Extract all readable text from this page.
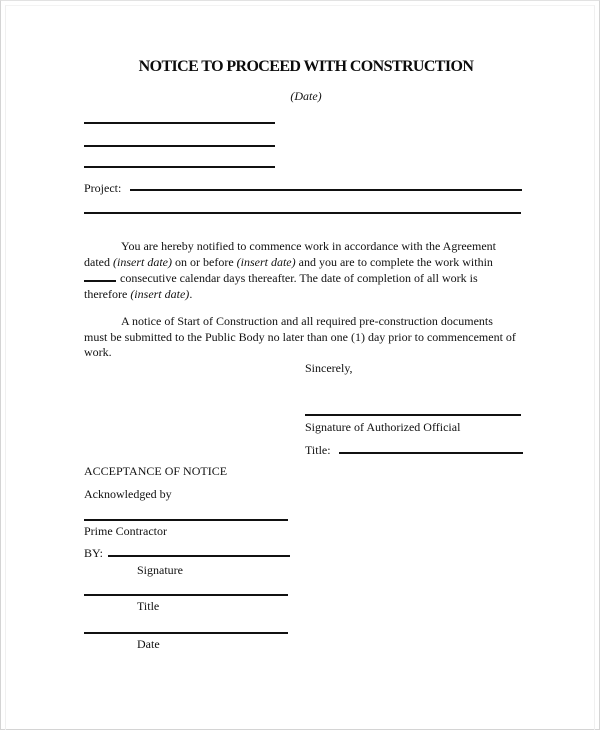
NOTICE TO PROCEED WITH CONSTRUCTION
(Date)
Project:

You are hereby notified to commence work in accordance with the Agreement

dated (insert date) on or before (insert date) and you are to complete the work within

consecutive calendar days thereafter. The date of completion of all work is

therefore (insert date).

A notice of Start of Construction and all required pre-construction documents

must be submitted to the Public Body no later than one (1) day prior to commencement of

work.

Sincerely,
Signature of Authorized Official
Title:
ACCEPTANCE OF NOTICE
Acknowledged by
Prime Contractor
BY:
Signature
Title
Date
